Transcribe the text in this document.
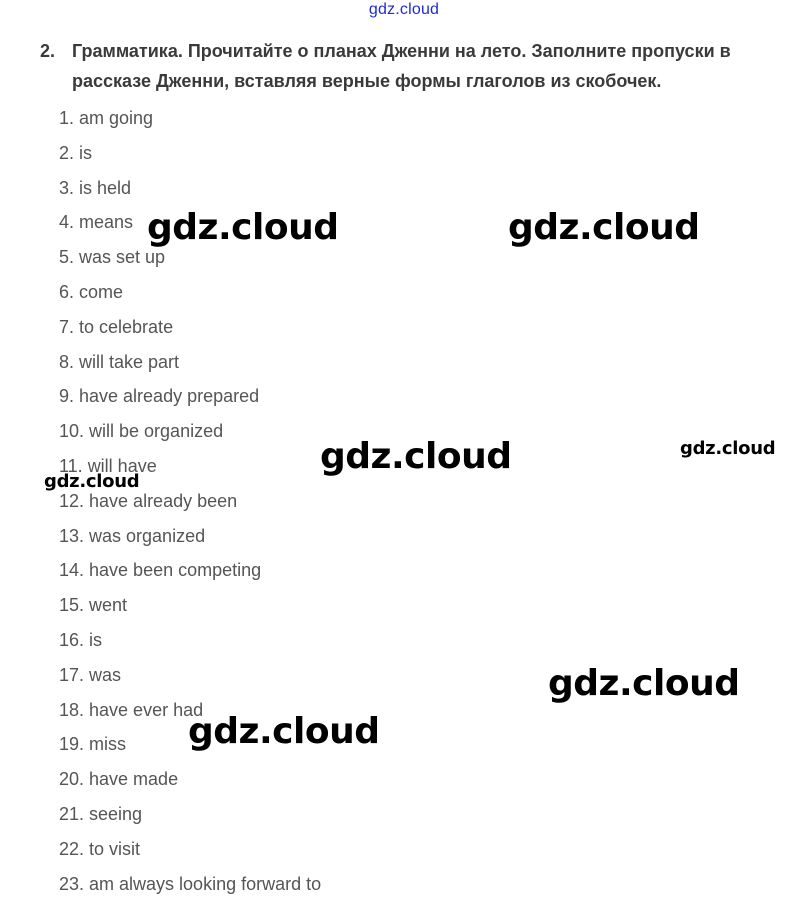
gdz.cloud
2. Грамматика. Прочитайте о планах Дженни на лето. Заполните пропуски в рассказе Дженни, вставляя верные формы глаголов из скобочек.
1. am going
2. is
3. is held
4. means
5. was set up
6. come
7. to celebrate
8. will take part
9. have already prepared
10. will be organized
11. will have
12. have already been
13. was organized
14. have been competing
15. went
16. is
17. was
18. have ever had
19. miss
20. have made
21. seeing
22. to visit
23. am always looking forward to
gdz.cloud	gdz.cloud
gdz.cloud	gdz.cloud
gdz.cloud
gdz.cloud
gdz.cloud
